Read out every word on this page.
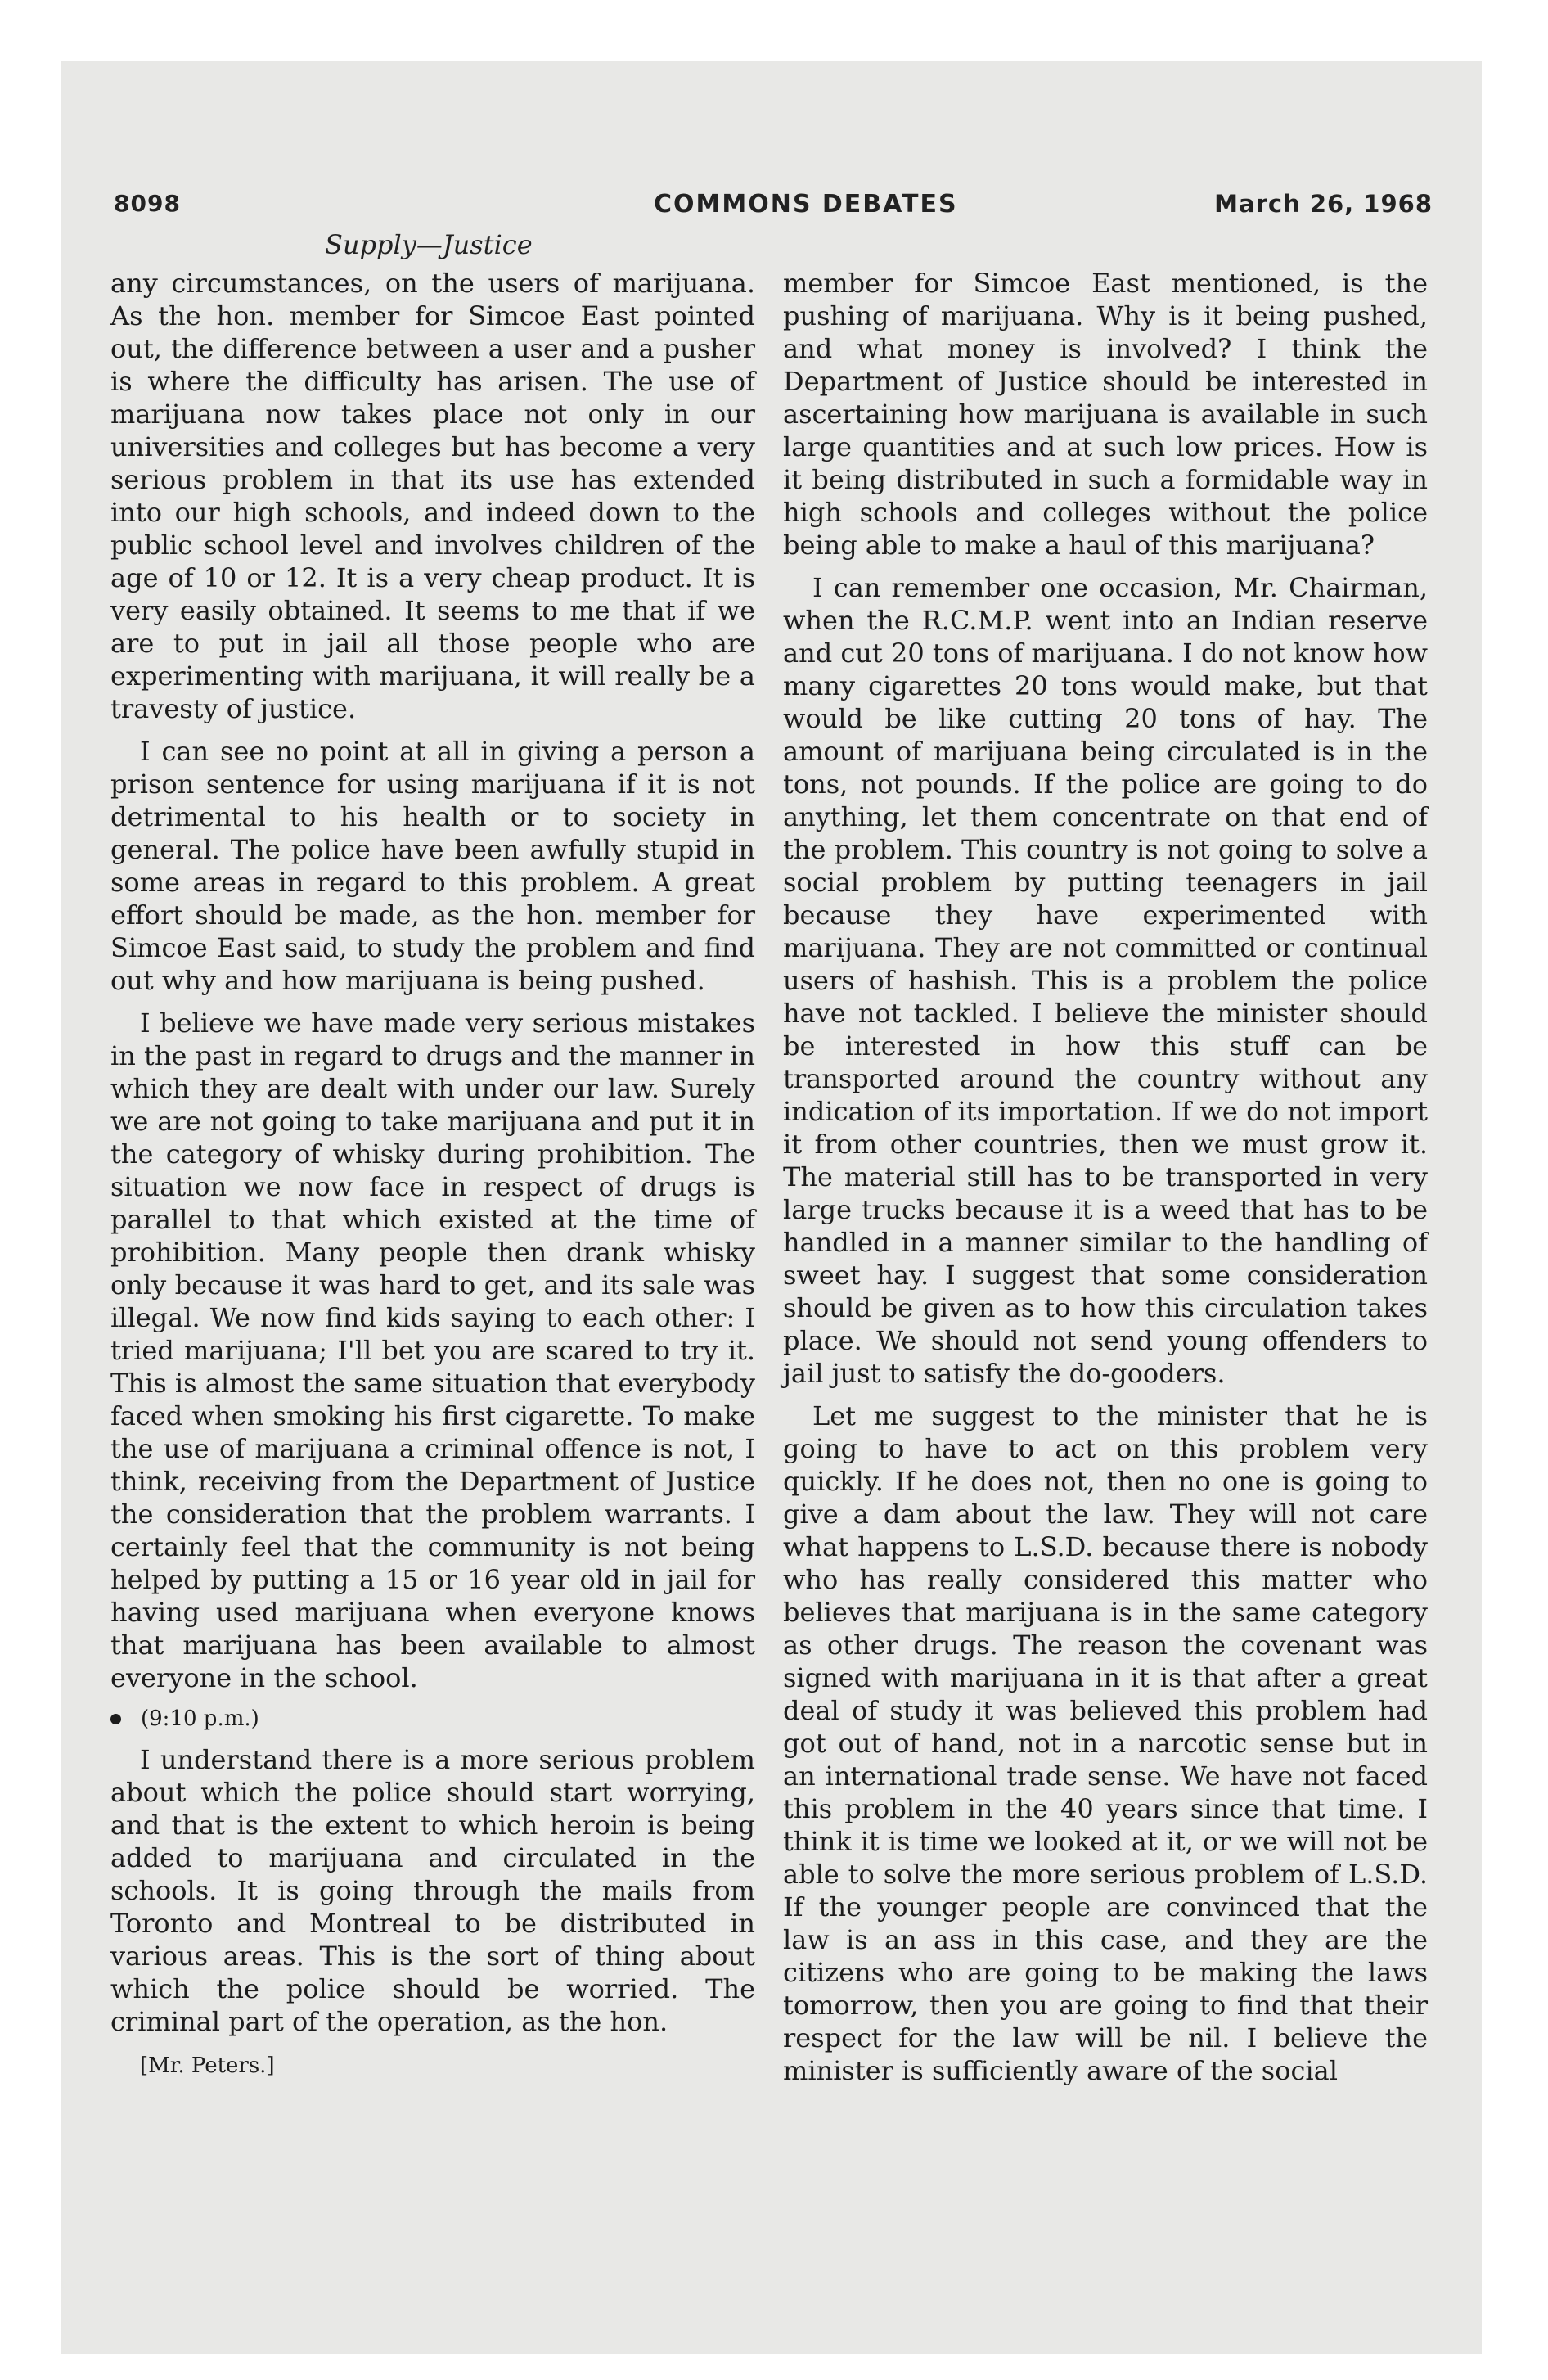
8098	COMMONS DEBATES	March 26, 1968
Supply—Justice

any circumstances, on the users of marijuana. As the hon. member for Simcoe East pointed out, the difference between a user and a pusher is where the difficulty has arisen. The use of marijuana now takes place not only in our universities and colleges but has become a very serious problem in that its use has extended into our high schools, and indeed down to the public school level and involves children of the age of 10 or 12. It is a very cheap product. It is very easily obtained. It seems to me that if we are to put in jail all those people who are experimenting with marijuana, it will really be a travesty of justice.

I can see no point at all in giving a person a prison sentence for using marijuana if it is not detrimental to his health or to society in general. The police have been awfully stupid in some areas in regard to this problem. A great effort should be made, as the hon. member for Simcoe East said, to study the problem and find out why and how marijuana is being pushed.

I believe we have made very serious mistakes in the past in regard to drugs and the manner in which they are dealt with under our law. Surely we are not going to take marijuana and put it in the category of whisky during prohibition. The situation we now face in respect of drugs is parallel to that which existed at the time of prohibition. Many people then drank whisky only because it was hard to get, and its sale was illegal. We now find kids saying to each other: I tried marijuana; I'll bet you are scared to try it. This is almost the same situation that everybody faced when smoking his first cigarette. To make the use of marijuana a criminal offence is not, I think, receiving from the Department of Justice the consideration that the problem warrants. I certainly feel that the community is not being helped by putting a 15 or 16 year old in jail for having used marijuana when everyone knows that marijuana has been available to almost everyone in the school.

(9:10 p.m.)

I understand there is a more serious problem about which the police should start worrying, and that is the extent to which heroin is being added to marijuana and circulated in the schools. It is going through the mails from Toronto and Montreal to be distributed in various areas. This is the sort of thing about which the police should be worried. The criminal part of the operation, as the hon.

[Mr. Peters.]

member for Simcoe East mentioned, is the pushing of marijuana. Why is it being pushed, and what money is involved? I think the Department of Justice should be interested in ascertaining how marijuana is available in such large quantities and at such low prices. How is it being distributed in such a formidable way in high schools and colleges without the police being able to make a haul of this marijuana?

I can remember one occasion, Mr. Chairman, when the R.C.M.P. went into an Indian reserve and cut 20 tons of marijuana. I do not know how many cigarettes 20 tons would make, but that would be like cutting 20 tons of hay. The amount of marijuana being circulated is in the tons, not pounds. If the police are going to do anything, let them concentrate on that end of the problem. This country is not going to solve a social problem by putting teenagers in jail because they have experimented with marijuana. They are not committed or continual users of hashish. This is a problem the police have not tackled. I believe the minister should be interested in how this stuff can be transported around the country without any indication of its importation. If we do not import it from other countries, then we must grow it. The material still has to be transported in very large trucks because it is a weed that has to be handled in a manner similar to the handling of sweet hay. I suggest that some consideration should be given as to how this circulation takes place. We should not send young offenders to jail just to satisfy the do-gooders.

Let me suggest to the minister that he is going to have to act on this problem very quickly. If he does not, then no one is going to give a dam about the law. They will not care what happens to L.S.D. because there is nobody who has really considered this matter who believes that marijuana is in the same category as other drugs. The reason the covenant was signed with marijuana in it is that after a great deal of study it was believed this problem had got out of hand, not in a narcotic sense but in an international trade sense. We have not faced this problem in the 40 years since that time. I think it is time we looked at it, or we will not be able to solve the more serious problem of L.S.D. If the younger people are convinced that the law is an ass in this case, and they are the citizens who are going to be making the laws tomorrow, then you are going to find that their respect for the law will be nil. I believe the minister is sufficiently aware of the social
